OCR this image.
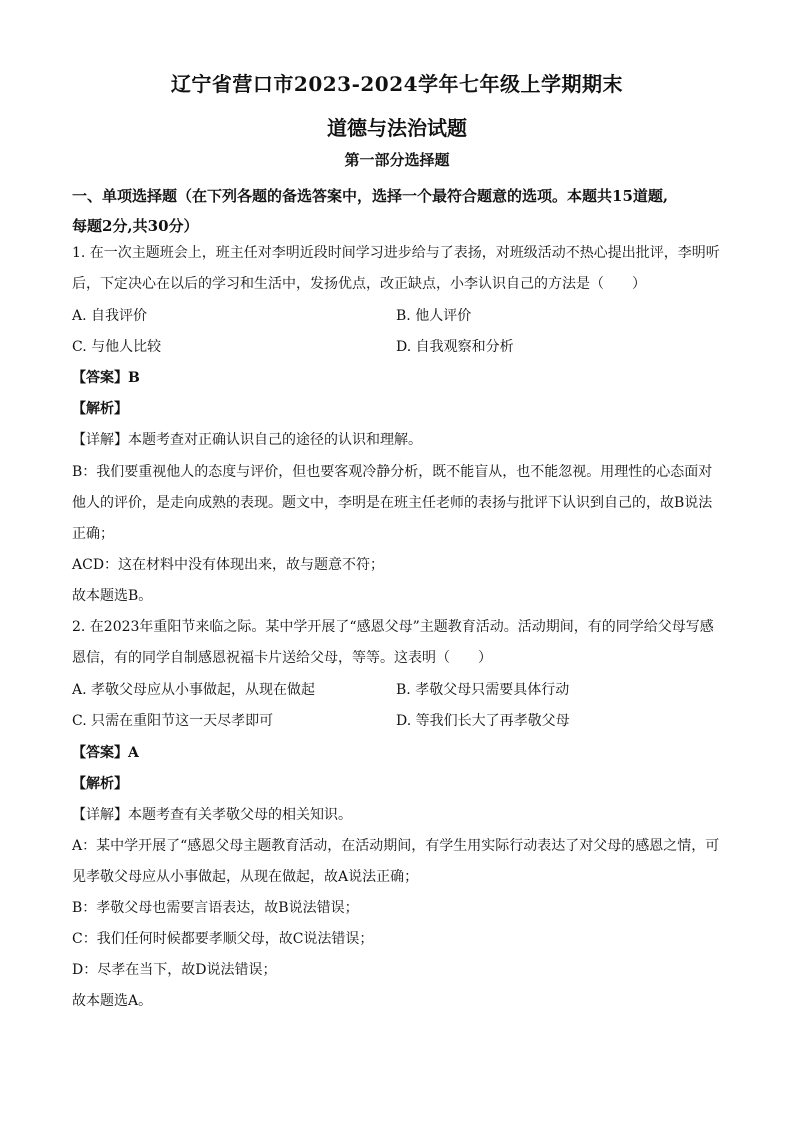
辽宁省营口市2023-2024学年七年级上学期期末
道德与法治试题
第一部分选择题
一、单项选择题（在下列各题的备选答案中，选择一个最符合题意的选项。本题共15道题,
每题2分,共30分）
1. 在一次主题班会上，班主任对李明近段时间学习进步给与了表扬，对班级活动不热心提出批评，李明听
后，下定决心在以后的学习和生活中，发扬优点，改正缺点，小李认识自己的方法是（　　）
A. 自我评价	B. 他人评价
C. 与他人比较	D. 自我观察和分析
【答案】B
【解析】
【详解】本题考查对正确认识自己的途径的认识和理解。
B：我们要重视他人的态度与评价，但也要客观冷静分析，既不能盲从，也不能忽视。用理性的心态面对
他人的评价，是走向成熟的表现。题文中，李明是在班主任老师的表扬与批评下认识到自己的，故B说法
正确；
ACD：这在材料中没有体现出来，故与题意不符；
故本题选B。
2. 在2023年重阳节来临之际。某中学开展了“感恩父母”主题教育活动。活动期间，有的同学给父母写感
恩信，有的同学自制感恩祝福卡片送给父母，等等。这表明（　　）
A. 孝敬父母应从小事做起，从现在做起	B. 孝敬父母只需要具体行动
C. 只需在重阳节这一天尽孝即可	D. 等我们长大了再孝敬父母
【答案】A
【解析】
【详解】本题考查有关孝敬父母的相关知识。
A：某中学开展了“感恩父母主题教育活动，在活动期间，有学生用实际行动表达了对父母的感恩之情，可
见孝敬父母应从小事做起，从现在做起，故A说法正确；
B：孝敬父母也需要言语表达，故B说法错误；
C：我们任何时候都要孝顺父母，故C说法错误；
D：尽孝在当下，故D说法错误；
故本题选A。
